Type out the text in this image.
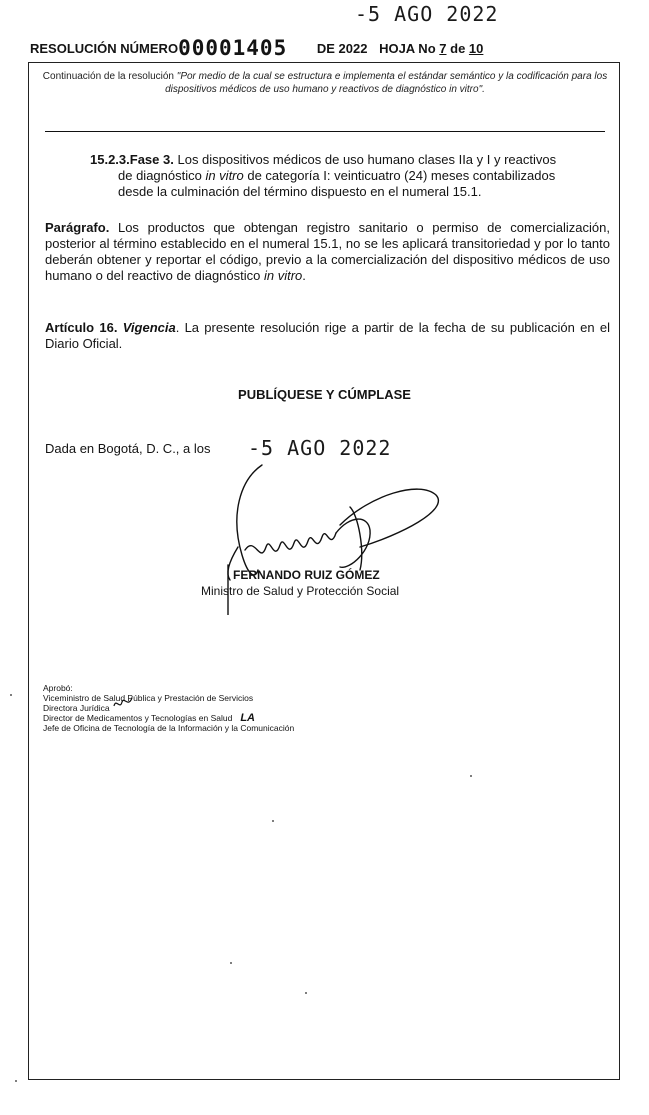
-5 AGO 2022
RESOLUCIÓN NÚMERO00001405 DE 2022 HOJA No 7 de 10
Continuación de la resolución "Por medio de la cual se estructura e implementa el estándar semántico y la codificación para los dispositivos médicos de uso humano y reactivos de diagnóstico in vitro".
15.2.3.Fase 3. Los dispositivos médicos de uso humano clases IIa y I y reactivos
de diagnóstico in vitro de categoría I: veinticuatro (24) meses contabilizados
desde la culminación del término dispuesto en el numeral 15.1.
Parágrafo. Los productos que obtengan registro sanitario o permiso de comercialización, posterior al término establecido en el numeral 15.1, no se les aplicará transitoriedad y por lo tanto deberán obtener y reportar el código, previo a la comercialización del dispositivo médicos de uso humano o del reactivo de diagnóstico in vitro.
Artículo 16. Vigencia. La presente resolución rige a partir de la fecha de su publicación en el Diario Oficial.
PUBLÍQUESE Y CÚMPLASE
Dada en Bogotá, D. C., a los -5 AGO 2022
FERNANDO RUIZ GÓMEZ
Ministro de Salud y Protección Social
Aprobó:
Viceministro de Salud Pública y Prestación de Servicios
Directora Jurídica
Director de Medicamentos y Tecnologías en Salud LA
Jefe de Oficina de Tecnología de la Información y la Comunicación
